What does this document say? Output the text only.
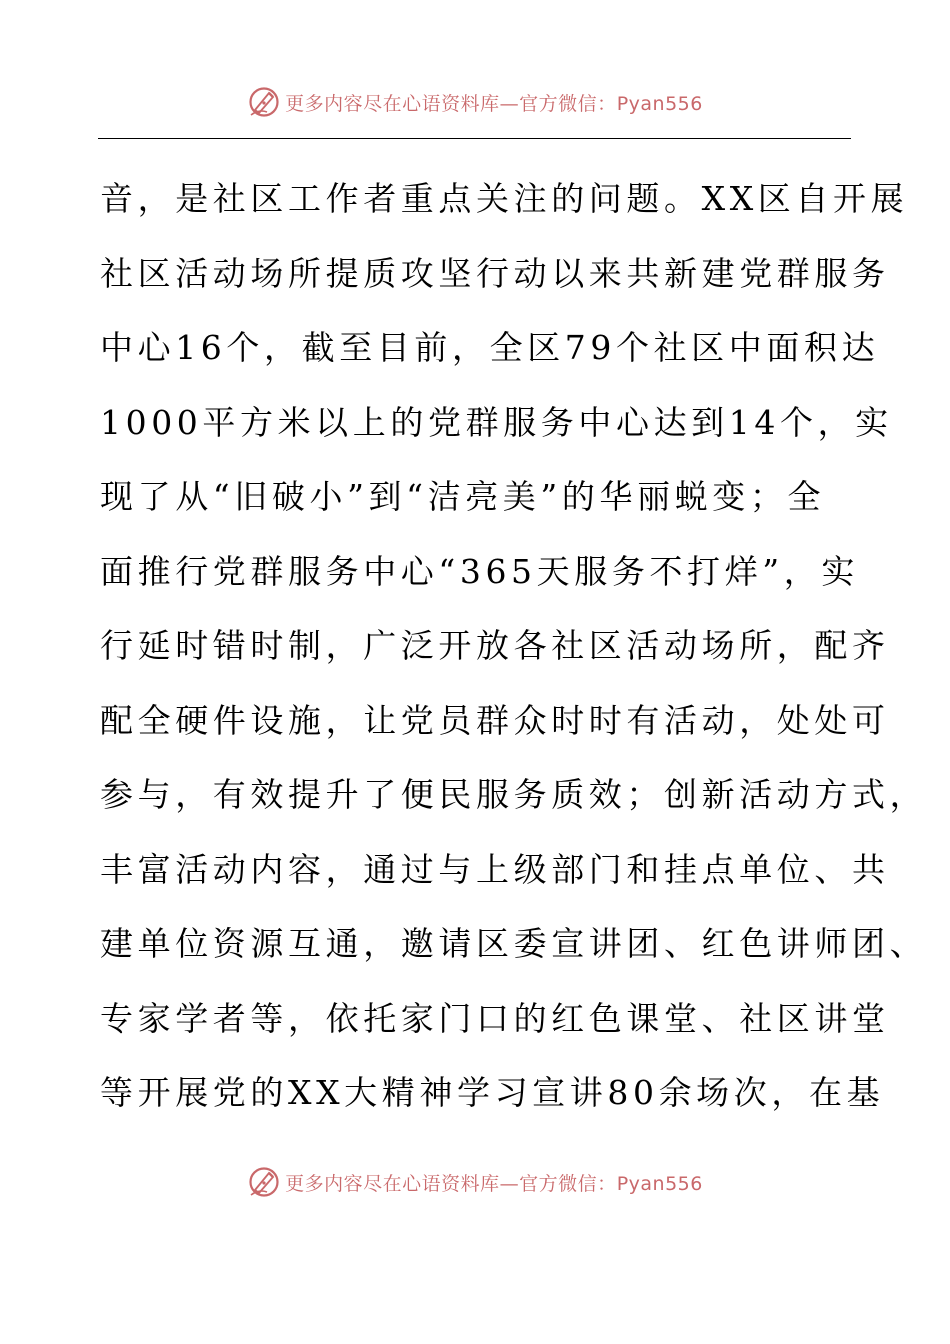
更多内容尽在心语资料库—官方微信：Pyan556
音，是社区工作者重点关注的问题。XX区自开展
社区活动场所提质攻坚行动以来共新建党群服务
中心16个，截至目前，全区79个社区中面积达
1000平方米以上的党群服务中心达到14个，实
现了从“旧破小”到“洁亮美”的华丽蜕变；全
面推行党群服务中心“365天服务不打烊”，实
行延时错时制，广泛开放各社区活动场所，配齐
配全硬件设施，让党员群众时时有活动，处处可
参与，有效提升了便民服务质效；创新活动方式，
丰富活动内容，通过与上级部门和挂点单位、共
建单位资源互通，邀请区委宣讲团、红色讲师团、
专家学者等，依托家门口的红色课堂、社区讲堂
等开展党的XX大精神学习宣讲80余场次，在基
更多内容尽在心语资料库—官方微信：Pyan556
